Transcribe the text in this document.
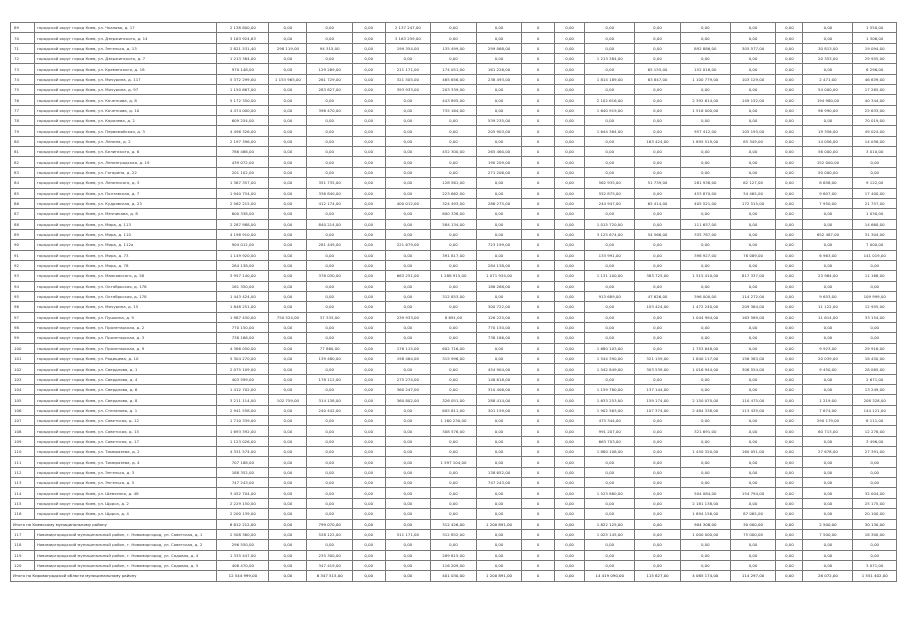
69	городской округ город Киев, ул. Чкалова, д. 17	2 138 800,00	0,00	0,00	0,00	2 137 247,00	0,00	0,00	0	0,00	0,00	0,00	0,00	0,00	0,00	0,00	1 550,00
70	городской округ город Киев, ул. Дзержинского, д. 14	3 163 924,63	0,00	0,00	0,00	3 163 259,00	0,00	0,00	0	0,00	0,00	0,00	0,00	0,00	0,00	0,00	1 306,00
71	городской округ город Киев, ул. Энгельса, д. 13	2 821 531,40	298 119,00	94 315,00	0,00	199 354,00	135 499,00	299 068,00	0	0,00	0,00	0,00	892 886,00	305 577,00	0,00	30 813,00	19 094,00
72	городской округ город Киев, ул. Дзержинского, д. 7	1 213 384,00	0,00	0,00	0,00	0,00	0,00	0,00	0	0,00	1 213 384,00	0,00	0,00	0,00	0,00	20 353,00	29 955,00
73	городской округ город Киев, ул. Кременского, д. 18	970 148,00	0,00	129 269,00	0,00	211 171,00	174 051,00	161 226,00	0	0,00	0,00	65 155,00	152 016,00	0,00	0,00	0,00	6 296,00
74	городской округ город Киев, ул. Мичурина, д. 117	5 372 299,00	1 153 965,00	261 729,00	0,00	321 505,00	465 656,00	238 493,00	0	0,00	1 814 189,00	63 847,00	1 100 779,00	103 129,00	0,00	2 471,00	46 639,00
75	городской округ город Киев, ул. Мичурина, д. 97	1 150 667,00	0,00	283 827,00	0,00	393 933,00	203 339,00	0,00	0	0,00	0,00	0,00	0,00	0,00	0,00	54 000,00	17 265,00
76	городской округ город Киев, ул. Кочеткова, д. 8	5 172 350,00	0,00	0,00	0,00	0,00	443 895,00	0,00	0	0,00	2 102 616,00	0,00	2 392 614,00	149 152,00	0,00	194 980,00	40 344,00
77	городской округ город Киев, ул. Кочеткова, д. 10	4 474 000,00	0,00	396 470,00	0,00	0,00	735 164,00	0,00	0	0,00	1 640 919,00	0,00	1 516 000,00	0,00	0,00	96 990,00	25 633,00
78	городской округ город Киев, ул. Королева, д. 2	609 254,00	0,00	0,00	0,00	0,00	0,00	539 235,00	0	0,00	0,00	0,00	0,00	0,00	0,00	0,00	70 019,00
79	городской округ город Киев, ул. Первомайская, д. 3	4 496 326,00	0,00	0,00	0,00	0,00	0,00	205 903,00	0	0,00	1 644 364,00	0,00	957 412,00	105 193,00	0,00	19 356,00	49 024,00
80	городской округ город Киев, ул. Ленина, д. 2	2 197 396,00	0,00	0,00	0,00	0,00	0,00	0,00	0	0,00	0,00	163 424,00	1 895 519,00	85 349,00	0,00	14 056,00	14 056,00
81	городской округ город Киев, ул. Белинского, д. 6	786 486,00	0,00	0,00	0,00	0,00	452 300,00	265 460,00	0	0,00	0,00	0,00	0,00	0,00	0,00	56 000,00	3 010,00
82	городской округ город Киев, ул. Ленинградская, д. 19	439 072,00	0,00	0,00	0,00	0,00	0,00	190 209,00	0	0,00	0,00	0,00	0,00	0,00	0,00	152 000,00	0,00
83	городской округ город Киев, ул. Гагарина, д. 22	201 102,00	0,00	0,00	0,00	0,00	0,00	271 206,00	0	0,00	0,00	0,00	0,00	0,00	0,00	50 000,00	0,00
84	городской округ город Киев, ул. Ленинского, д. 5	1 367 357,00	0,00	351 735,00	0,00	0,00	128 561,00	0,00	0	0,00	562 935,00	51 739,00	281 938,00	62 127,00	0,00	8 656,00	9 122,00
85	городской округ город Киев, ул. Полтавская, д. 7	1 940 754,00	0,00	336 840,00	0,00	0,00	223 662,00	0,00	0	0,00	552 875,00	0,00	453 870,00	34 465,00	0,00	9 607,00	17 400,00
86	городской округ город Киев, ул. Кудрявская, д. 23	2 562 215,00	0,00	412 174,00	0,00	400 012,00	324 493,00	286 275,00	0	0,00	244 947,00	65 414,00	405 521,00	172 515,00	0,00	7 950,00	21 757,00
87	городской округ город Киев, ул. Мечникова, д. 8	600 338,00	0,00	0,00	0,00	0,00	600 338,00	0,00	0	0,00	0,00	0,00	0,00	0,00	0,00	0,00	1 030,00
88	городской округ город Киев, ул. Мира, д. 113	2 287 988,00	0,00	840 214,00	0,00	0,00	584 134,00	0,00	0	0,00	1 015 720,00	0,00	111 657,00	0,00	0,00	0,00	14 660,00
89	городской округ город Киев, ул. Мира, д. 110	4 198 910,00	0,00	0,00	0,00	0,00	0,00	0,00	0	0,00	3 125 674,00	54 566,00	335 787,00	0,00	0,00	652 487,00	31 304,00
90	городской округ город Киев, ул. Мира, д. 112а	904 012,00	0,00	281 449,00	0,00	221 679,00	0,00	723 199,00	0	0,00	0,00	0,00	0,00	0,00	0,00	0,00	7 000,00
91	городской округ город Киев, ул. Мира, д. 73	1 149 920,00	0,00	0,00	0,00	0,00	391 817,00	0,00	0	0,00	133 991,00	0,00	398 927,00	78 089,00	0,00	6 963,00	141 019,00
92	городской округ город Киев, ул. Мира, д. 78	284 138,00	0,00	0,00	0,00	0,00	0,00	284 138,00	0	0,00	0,00	0,00	0,00	0,00	0,00	0,00	0,00
93	городской округ город Киев, ул. Маяковского, д. 58	3 957 140,00	0,00	378 030,00	0,00	663 251,00	1 288 915,00	1 071 934,00	0	0,00	1 131 100,00	383 725,00	1 515 410,00	817 337,00	0,00	23 964,00	11 168,00
94	городской округ город Киев, ул. Октябрьская, д. 176	161 350,00	0,00	0,00	0,00	0,00	0,00	186 268,00	0	0,00	0,00	0,00	0,00	0,00	0,00	0,00	0,00
95	городской округ город Киев, ул. Октябрьская, д. 178	1 443 424,00	0,00	0,00	0,00	0,00	312 853,00	0,00	0	0,00	913 689,00	47 626,00	396 000,00	114 272,00	0,00	9 653,00	109 999,00
96	городской округ город Киев, ул. Мичурина, д. 15	1 848 251,00	0,00	0,00	0,00	0,00	0,00	300 722,00	0	0,00	0,00	103 424,00	1 472 240,00	209 364,00	0,00	11 122,00	12 955,00
97	городской округ город Киев, ул. Пушкина, д. 9	1 987 430,00	750 524,00	37 333,00	0,00	239 933,00	8 691,00	126 225,00	0	0,00	0,00	0,00	1 044 994,00	163 589,00	0,00	11 614,00	33 154,00
98	городской округ город Киев, ул. Пролетарская, д. 2	770 150,00	0,00	0,00	0,00	0,00	0,00	770 150,00	0	0,00	0,00	0,00	0,00	0,00	0,00	0,00	0,00
99	городской округ город Киев, ул. Пролетарская, д. 3	738 186,00	0,00	0,00	0,00	0,00	0,00	738 186,00	0	0,00	0,00	0,00	0,00	0,00	0,00	0,00	0,00
100	городской округ город Киев, ул. Пролетарская, д. 9	4 386 050,00	0,00	77 860,00	0,00	176 115,00	602 716,00	0,00	0	0,00	1 680 103,00	0,00	1 753 648,00	0,00	0,00	9 923,00	29 916,00
101	городской округ город Киев, ул. Радищева, д. 10	5 304 270,00	0,00	139 480,00	0,00	198 464,00	315 996,00	0,00	0	0,00	1 544 390,00	321 159,00	1 840 117,00	156 383,00	0,00	20 039,00	18 450,00
102	городской округ город Киев, ул. Свердлова, д. 1	2 075 109,00	0,00	0,00	0,00	0,00	0,00	454 904,00	0	0,00	1 542 849,00	303 539,00	1 016 944,00	308 554,00	0,00	9 450,00	28 065,00
103	городской округ город Киев, ул. Свердлова, д. 4	403 599,00	0,00	178 112,00	0,00	275 274,00	0,00	148 618,00	0	0,00	0,00	0,00	0,00	0,00	0,00	0,00	2 671,00
104	городской округ город Киев, ул. Свердлова, д. 6	1 412 702,00	0,00	0,00	0,00	360 247,00	0,00	310 406,00	0	0,00	1 159 780,00	137 144,00	0,00	0,00	0,00	0,00	13 249,00
105	городской округ город Киев, ул. Свердлова, д. 8	3 211 114,00	102 759,00	314 138,00	0,00	360 802,00	326 051,00	288 414,00	0	0,00	1 633 253,00	159 174,00	2 150 070,00	110 475,00	0,00	1 219,00	208 328,00
106	городской округ город Киев, ул. Степанова, д. 1	2 941 558,00	0,00	240 442,00	0,00	0,00	605 611,00	301 159,00	0	0,00	1 902 563,00	107 374,00	2 484 338,00	113 435,00	0,00	7 674,00	144 121,00
107	городской округ город Киев, ул. Советская, д. 12	1 710 339,00	0,00	0,00	0,00	0,00	1 160 230,00	0,00	0	0,00	475 344,00	0,00	0,00	0,00	0,00	290 179,00	6 111,00
108	городской округ город Киев, ул. Советская, д. 15	1 693 392,00	0,00	0,00	0,00	0,00	308 576,00	0,00	0	0,00	991 207,00	0,00	321 691,00	0,00	0,00	60 713,00	12 276,00
109	городской округ город Киев, ул. Советская, д. 17	1 123 026,00	0,00	0,00	0,00	0,00	0,00	0,00	0	0,00	663 703,00	0,00	0,00	0,00	0,00	0,00	3 496,00
110	городской округ город Киев, ул. Тимирязева, д. 2	4 331 574,00	0,00	0,00	0,00	0,00	0,00	0,00	0	0,00	1 880 108,00	0,00	1 450 320,00	160 051,00	0,00	27 678,00	27 391,00
111	городской округ город Киев, ул. Тимирязева, д. 4	707 188,00	0,00	0,00	0,00	0,00	1 597 104,00	0,00	0	0,00	0,00	0,00	0,00	0,00	0,00	0,00	0,00
112	городской округ город Киев, ул. Энгельса, д. 3	188 352,00	0,00	0,00	0,00	0,00	0,00	138 652,00	0	0,00	0,00	0,00	0,00	0,00	0,00	0,00	0,00
113	городской округ город Киев, ул. Энгельса, д. 5	747 243,00	0,00	0,00	0,00	0,00	0,00	747 243,00	0	0,00	0,00	0,00	0,00	0,00	0,00	0,00	0,00
114	городской округ город Киев, ул. Шевченко, д. 48	3 452 704,00	0,00	0,00	0,00	0,00	0,00	0,00	0	0,00	1 523 860,00	0,00	504 084,00	154 794,00	0,00	0,00	32 004,00
115	городской округ город Киев, ул. Щорса, д. 2	2 229 150,00	0,00	0,00	0,00	0,00	0,00	0,00	0	0,00	0,00	0,00	2 181 138,00	0,00	0,00	0,00	25 175,00
116	городской округ город Киев, ул. Щорса, д. 4	2 200 139,00	0,00	0,00	0,00	0,00	0,00	0,00	0	0,00	0,00	0,00	1 894 156,00	87 065,00	0,00	0,00	20 100,00
Итого по Киевскому муниципальному району		6 812 212,00	0,00	799 070,00	0,00	0,00	312 426,00	1 200 891,00	0	0,00	1 822 125,00	0,00	904 308,00	30 000,00	0,00	2 500,00	30 130,00
117	Новомиргородский муниципальный район, г. Новомиргород, ул. Советская, д. 1	2 508 360,00	0,00	528 122,00	0,00	511 171,00	312 852,00	0,00	0	0,00	1 025 145,00	0,00	1 000 000,00	75 000,00	0,00	7 500,00	18 300,00
118	Новомиргородский муниципальный район, г. Новомиргород, ул. Советская, д. 2	296 550,00	0,00	0,00	0,00	0,00	0,00	0,00	0	0,00	0,00	0,00	0,00	0,00	0,00	0,00	0,00
119	Новомиргородский муниципальный район, г. Новомиргород, ул. Садовая, д. 4	1 335 447,00	0,00	235 300,00	0,00	0,00	289 815,00	0,00	0	0,00	0,00	0,00	0,00	0,00	0,00	0,00	0,00
120	Новомиргородский муниципальный район, г. Новомиргород, ул. Садовая, д. 5	406 470,00	0,00	347 419,00	0,00	0,00	116 209,00	0,00	0	0,00	0,00	0,00	0,00	0,00	0,00	0,00	3 071,00
Итого по Кировоградской области муниципальному району		12 544 999,00	0,00	6 347 515,00	0,00	0,00	401 030,00	1 200 891,00	0	0,00	14 419 090,00	115 627,00	4 065 174,00	114 297,00	0,00	26 072,00	1 551 402,00
